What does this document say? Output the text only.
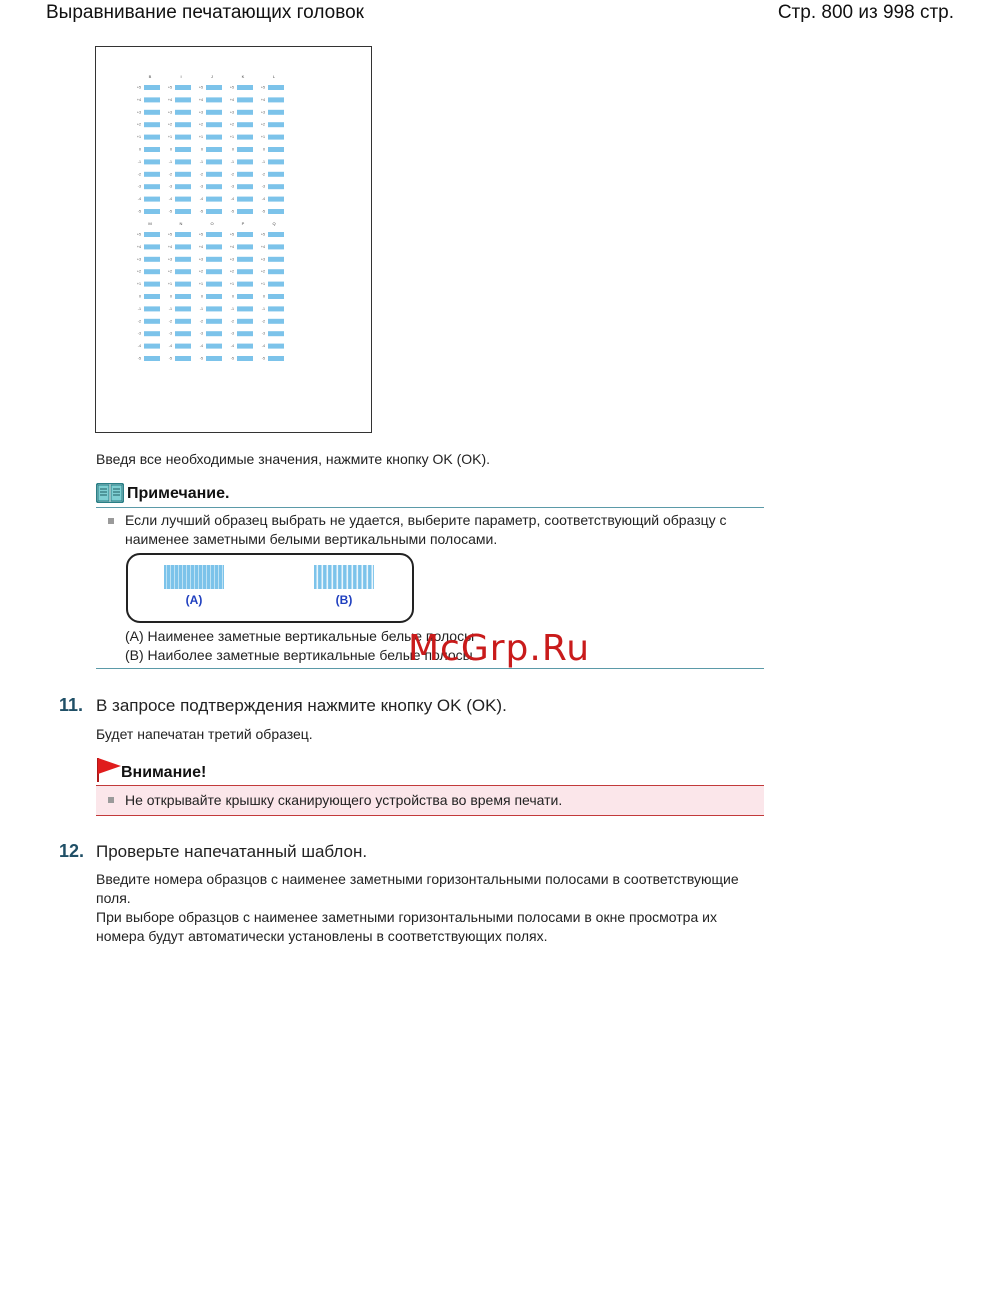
Выравнивание печатающих головок	Стр. 800 из 998 стр.
B	I	J	K	L
+5	+5	+5	+5	+5
+4	+4	+4	+4	+4
+3	+3	+3	+3	+3
+2	+2	+2	+2	+2
+1	+1	+1	+1	+1
0	0	0	0	0
-1	-1	-1	-1	-1
-2	-2	-2	-2	-2
-3	-3	-3	-3	-3
-4	-4	-4	-4	-4
-5	-5	-5	-5	-5
M	N	O	P	Q
+5	+5	+5	+5	+5
+4	+4	+4	+4	+4
+3	+3	+3	+3	+3
+2	+2	+2	+2	+2
+1	+1	+1	+1	+1
0	0	0	0	0
-1	-1	-1	-1	-1
-2	-2	-2	-2	-2
-3	-3	-3	-3	-3
-4	-4	-4	-4	-4
-5	-5	-5	-5	-5
Введя все необходимые значения, нажмите кнопку OK (OK).
Примечание.
Если лучший образец выбрать не удается, выберите параметр, соответствующий образцу с наименее заметными белыми вертикальными полосами.
(A)	(B)
(A) Наименее заметные вертикальные белые полосы
(B) Наиболее заметные вертикальные белые полосы
McGrp.Ru
11. В запросе подтверждения нажмите кнопку OK (OK).
Будет напечатан третий образец.
Внимание!
Не открывайте крышку сканирующего устройства во время печати.
12. Проверьте напечатанный шаблон.
Введите номера образцов с наименее заметными горизонтальными полосами в соответствующие поля.
При выборе образцов с наименее заметными горизонтальными полосами в окне просмотра их номера будут автоматически установлены в соответствующих полях.
